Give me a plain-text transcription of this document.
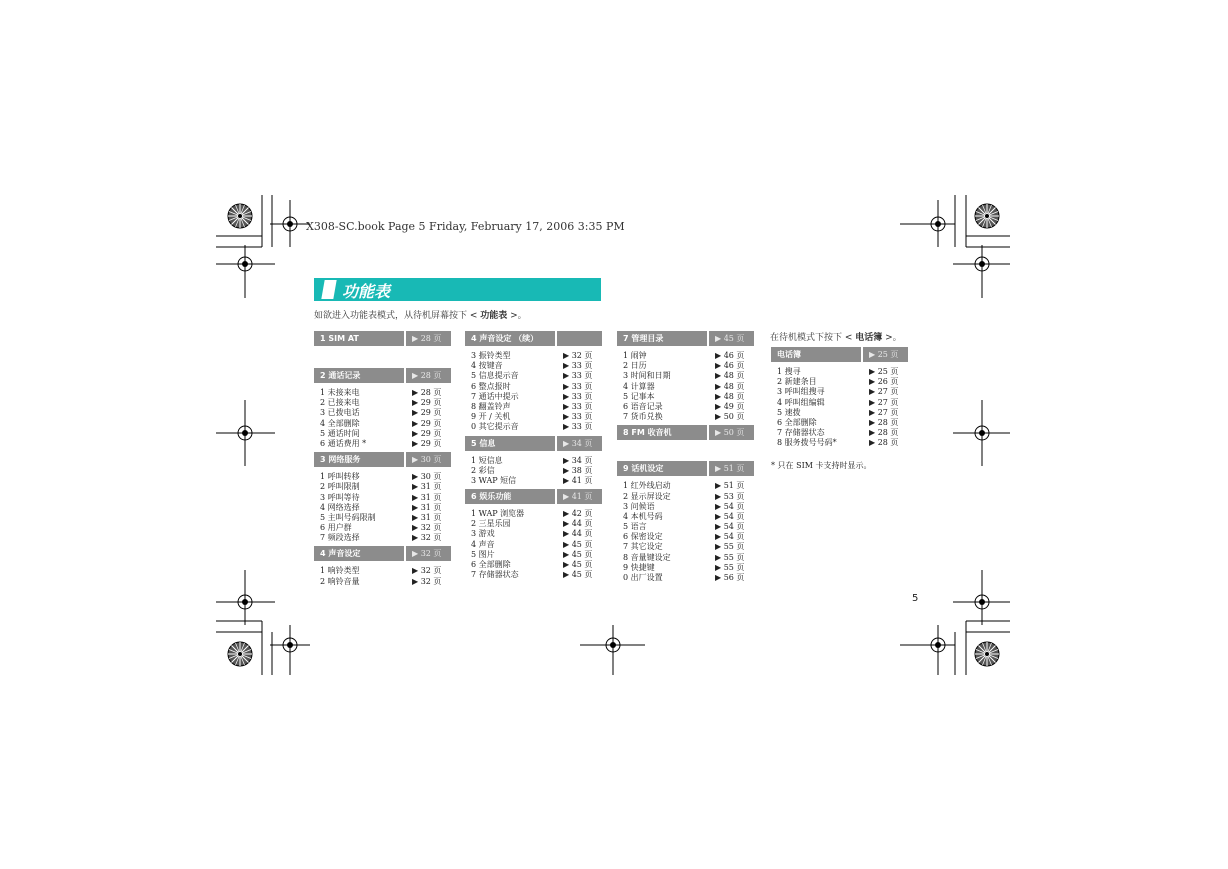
X308-SC.book Page 5 Friday, February 17, 2006 3:35 PM
功能表
如欲进入功能表模式，从待机屏幕按下 < 功能表 >。
在待机模式下按下 < 电话簿 >。
1 SIM AT	▶ 28 页
2 通话记录	▶ 28 页
1 未接来电	▶ 28 页
2 已接来电	▶ 29 页
3 已拨电话	▶ 29 页
4 全部删除	▶ 29 页
5 通话时间	▶ 29 页
6 通话费用 *	▶ 29 页
3 网络服务	▶ 30 页
1 呼叫转移	▶ 30 页
2 呼叫限制	▶ 31 页
3 呼叫等待	▶ 31 页
4 网络选择	▶ 31 页
5 主叫号码限制	▶ 31 页
6 用户群	▶ 32 页
7 频段选择	▶ 32 页
4 声音设定	▶ 32 页
1 响铃类型	▶ 32 页
2 响铃音量	▶ 32 页
4 声音设定 （续）
3 振铃类型	▶ 32 页
4 按键音	▶ 33 页
5 信息提示音	▶ 33 页
6 整点报时	▶ 33 页
7 通话中提示	▶ 33 页
8 翻盖铃声	▶ 33 页
9 开 / 关机	▶ 33 页
0 其它提示音	▶ 33 页
5 信息	▶ 34 页
1 短信息	▶ 34 页
2 彩信	▶ 38 页
3 WAP 短信	▶ 41 页
6 娱乐功能	▶ 41 页
1 WAP 浏览器	▶ 42 页
2 三星乐园	▶ 44 页
3 游戏	▶ 44 页
4 声音	▶ 45 页
5 图片	▶ 45 页
6 全部删除	▶ 45 页
7 存储器状态	▶ 45 页
7 管理目录	▶ 45 页
1 闹钟	▶ 46 页
2 日历	▶ 46 页
3 时间和日期	▶ 48 页
4 计算器	▶ 48 页
5 记事本	▶ 48 页
6 语音记录	▶ 49 页
7 货币兑换	▶ 50 页
8 FM 收音机	▶ 50 页
9 话机设定	▶ 51 页
1 红外线启动	▶ 51 页
2 显示屏设定	▶ 53 页
3 问候语	▶ 54 页
4 本机号码	▶ 54 页
5 语言	▶ 54 页
6 保密设定	▶ 54 页
7 其它设定	▶ 55 页
8 音量键设定	▶ 55 页
9 快捷键	▶ 55 页
0 出厂设置	▶ 56 页
电话簿	▶ 25 页
1 搜寻	▶ 25 页
2 新建条目	▶ 26 页
3 呼叫组搜寻	▶ 27 页
4 呼叫组编辑	▶ 27 页
5 速拨	▶ 27 页
6 全部删除	▶ 28 页
7 存储器状态	▶ 28 页
8 服务拨号号码*	▶ 28 页
* 只在 SIM 卡支持时显示。
5
